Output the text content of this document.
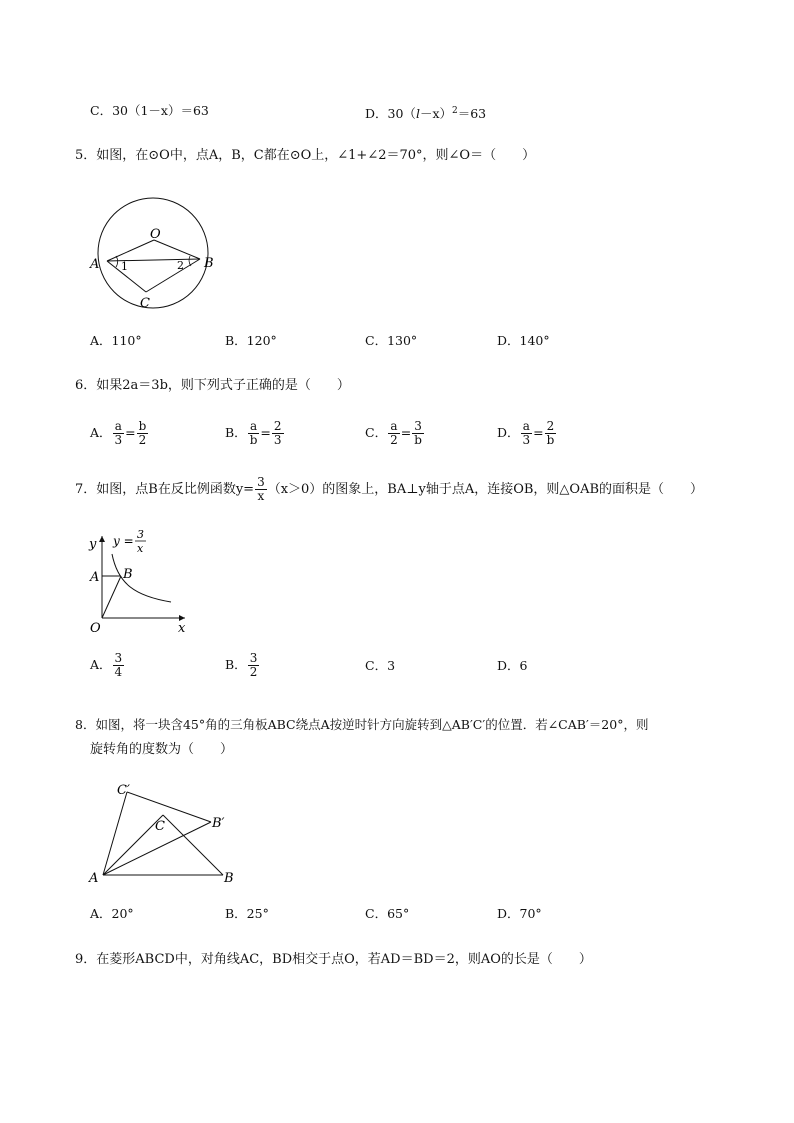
C．30（1－x）＝63	D．$30(l-x)^2=63$
5．如图，在⊙O中，点A，B，C都在⊙O上，∠1+∠2＝70°，则∠O＝（　　）
O
A	B
C
1	2
A．110°	B．120°	C．130°	D．140°
6．如果2a＝3b，则下列式子正确的是（　　）
A． $\frac{a}{3} = \frac{b}{2}$	B． $\frac{a}{b} = \frac{2}{3}$	C． $\frac{a}{2} = \frac{3}{b}$	D． $\frac{a}{3} = \frac{2}{b}$
7．如图，点B在反比例函数$y= \frac{3}{x} (x>0)$的图象上，BA⊥y轴于点A，连接OB，则△OAB的面积是（　　）
y
x
O
A B
y = 3
x
A． $\frac{3}{4}$	B． $\frac{3}{2}$	C．3	D．6
8．如图，将一块含45°角的三角板ABC绕点A按逆时针方向旋转到△AB′C′的位置．若∠CAB′＝20°，则
旋转角的度数为（　　）
A	B
C	B′
C′
A．20°	B．25°	C．65°	D．70°
9．在菱形ABCD中，对角线AC，BD相交于点O，若AD＝BD＝2，则AO的长是（　　）
